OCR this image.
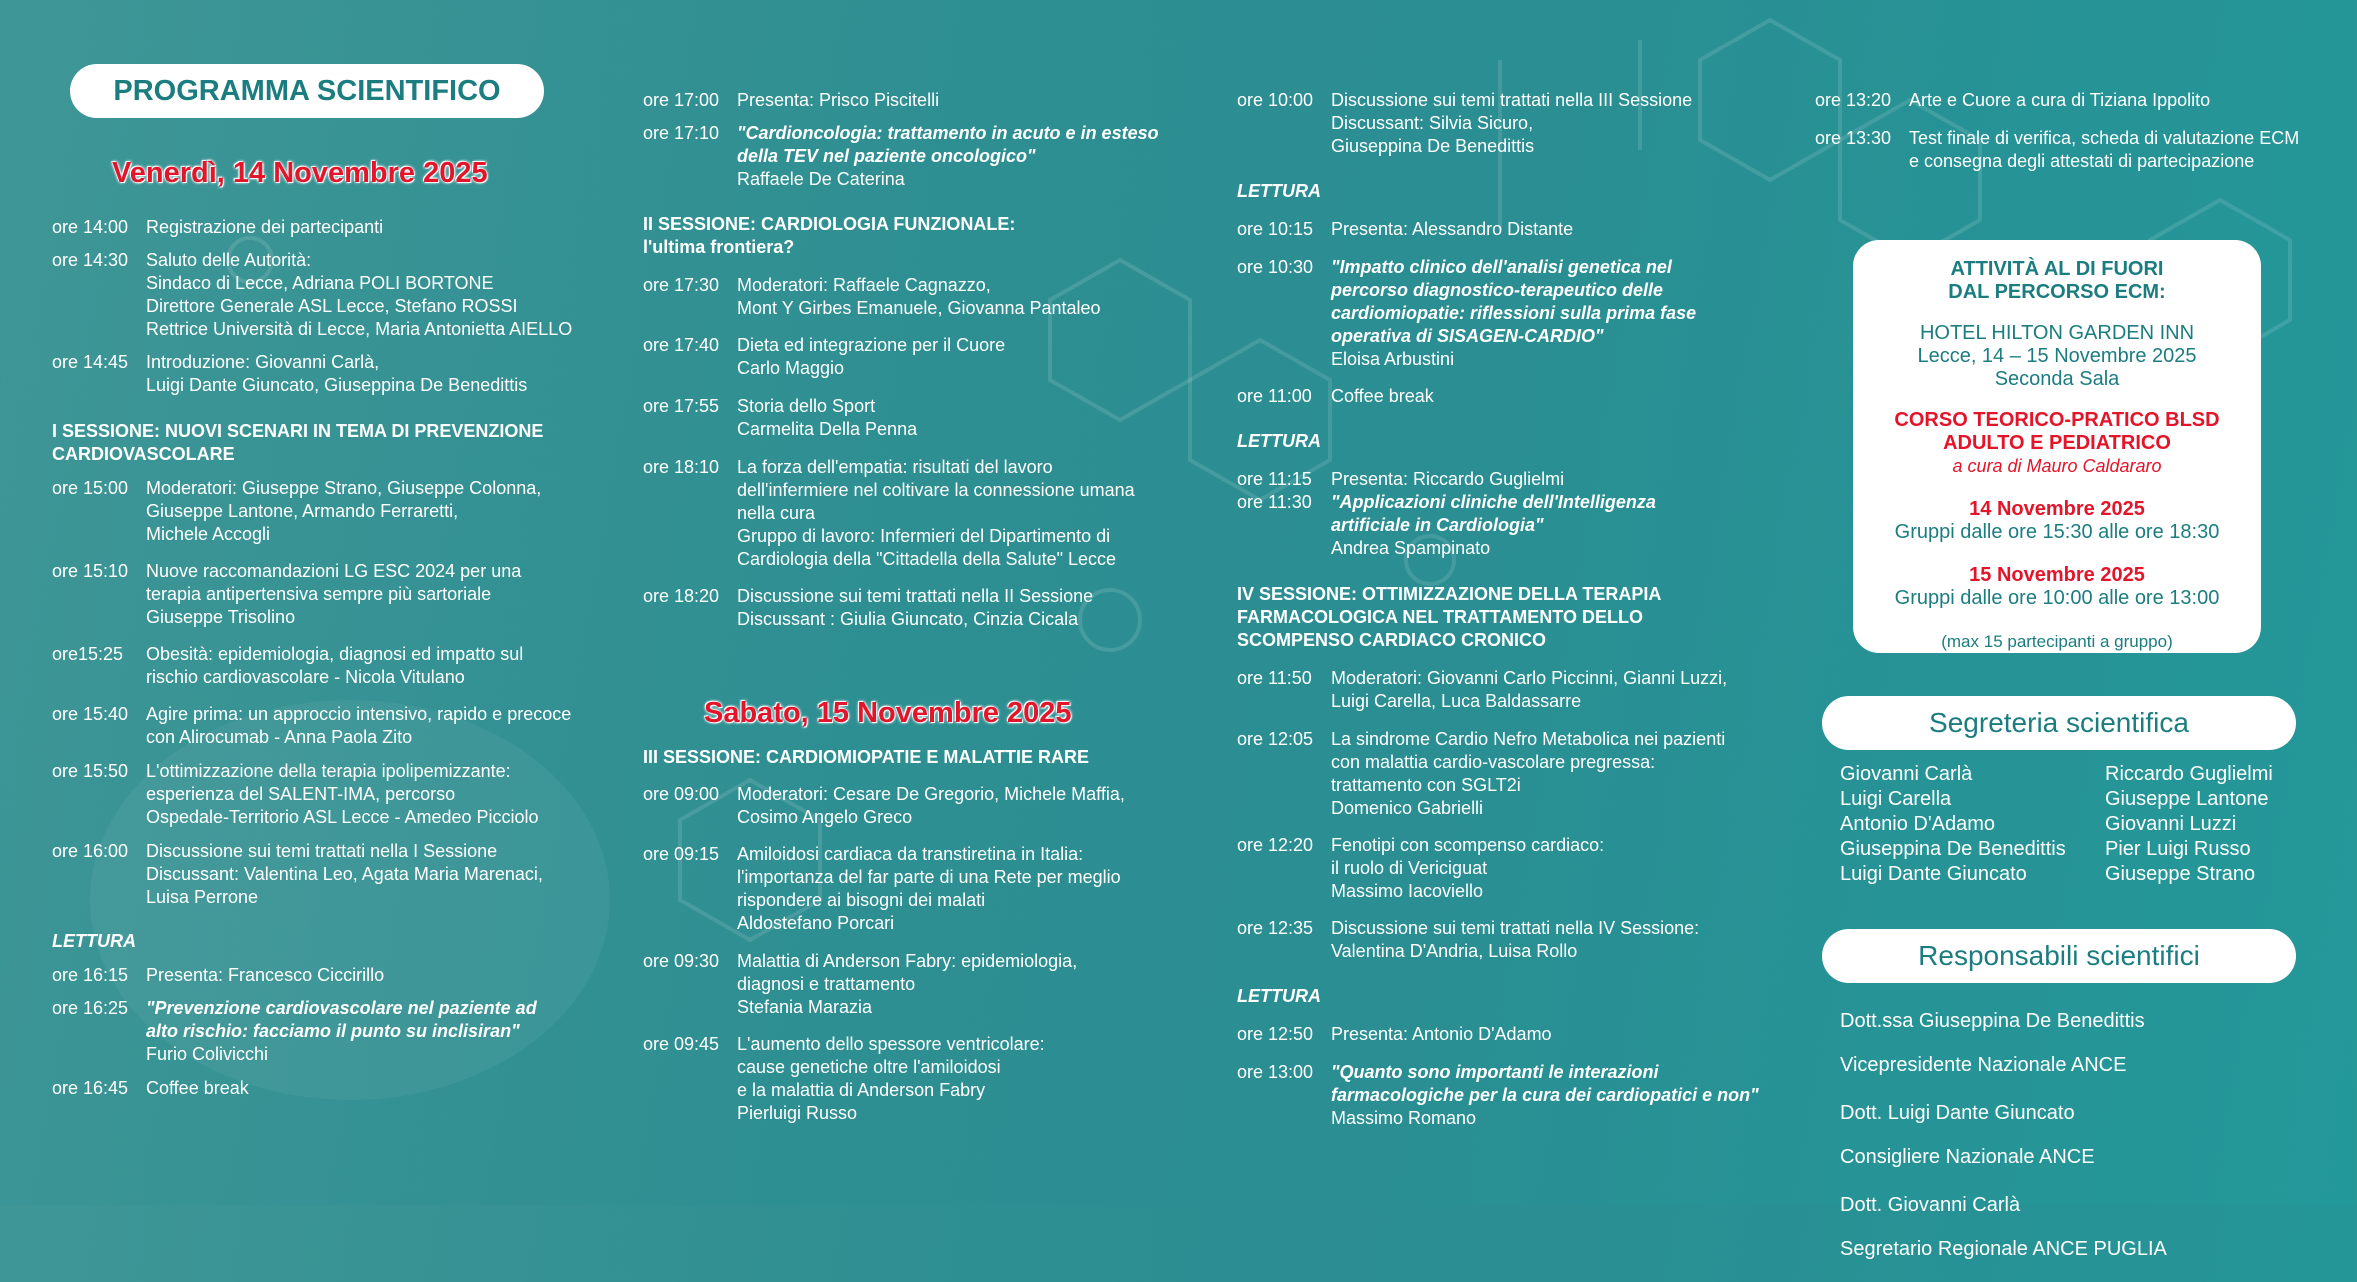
PROGRAMMA SCIENTIFICO
Venerdì, 14 Novembre 2025
ore 14:00 Registrazione dei partecipanti
ore 14:30 Saluto delle Autorità:
Sindaco di Lecce, Adriana POLI BORTONE
Direttore Generale ASL Lecce, Stefano ROSSI
Rettrice Università di Lecce, Maria Antonietta AIELLO
ore 14:45 Introduzione: Giovanni Carlà,
Luigi Dante Giuncato, Giuseppina De Benedittis
I SESSIONE: NUOVI SCENARI IN TEMA DI PREVENZIONE
CARDIOVASCOLARE
ore 15:00 Moderatori: Giuseppe Strano, Giuseppe Colonna,
Giuseppe Lantone, Armando Ferraretti,
Michele Accogli
ore 15:10 Nuove raccomandazioni LG ESC 2024 per una
terapia antipertensiva sempre più sartoriale
Giuseppe Trisolino
ore15:25	Obesità: epidemiologia, diagnosi ed impatto sul
rischio cardiovascolare - Nicola Vitulano
ore 15:40 Agire prima: un approccio intensivo, rapido e precoce
con Alirocumab - Anna Paola Zito
ore 15:50 L'ottimizzazione della terapia ipolipemizzante:
esperienza del SALENT-IMA, percorso
Ospedale-Territorio ASL Lecce - Amedeo Picciolo
ore 16:00 Discussione sui temi trattati nella I Sessione
Discussant: Valentina Leo, Agata Maria Marenaci,
Luisa Perrone
LETTURA
ore 16:15 Presenta: Francesco Ciccirillo
ore 16:25 "Prevenzione cardiovascolare nel paziente ad
alto rischio: facciamo il punto su inclisiran"
Furio Colivicchi
ore 16:45 Coffee break
ore 17:00 Presenta: Prisco Piscitelli
ore 17:10 "Cardioncologia: trattamento in acuto e in esteso
della TEV nel paziente oncologico"
Raffaele De Caterina
II SESSIONE: CARDIOLOGIA FUNZIONALE:
l'ultima frontiera?
ore 17:30 Moderatori: Raffaele Cagnazzo,
Mont Y Girbes Emanuele, Giovanna Pantaleo
ore 17:40 Dieta ed integrazione per il Cuore
Carlo Maggio
ore 17:55 Storia dello Sport
Carmelita Della Penna
ore 18:10 La forza dell'empatia: risultati del lavoro
dell'infermiere nel coltivare la connessione umana
nella cura
Gruppo di lavoro: Infermieri del Dipartimento di
Cardiologia della "Cittadella della Salute" Lecce
ore 18:20 Discussione sui temi trattati nella II Sessione
Discussant : Giulia Giuncato, Cinzia Cicala
Sabato, 15 Novembre 2025
III SESSIONE: CARDIOMIOPATIE E MALATTIE RARE
ore 09:00 Moderatori: Cesare De Gregorio, Michele Maffia,
Cosimo Angelo Greco
ore 09:15 Amiloidosi cardiaca da transtiretina in Italia:
l'importanza del far parte di una Rete per meglio
rispondere ai bisogni dei malati
Aldostefano Porcari
ore 09:30 Malattia di Anderson Fabry: epidemiologia,
diagnosi e trattamento
Stefania Marazia
ore 09:45 L'aumento dello spessore ventricolare:
cause genetiche oltre l'amiloidosi
e la malattia di Anderson Fabry
Pierluigi Russo
ore 10:00 Discussione sui temi trattati nella III Sessione
Discussant: Silvia Sicuro,
Giuseppina De Benedittis
LETTURA
ore 10:15 Presenta: Alessandro Distante
ore 10:30 "Impatto clinico dell'analisi genetica nel
percorso diagnostico-terapeutico delle
cardiomiopatie: riflessioni sulla prima fase
operativa di SISAGEN-CARDIO"
Eloisa Arbustini
ore 11:00	Coffee break
LETTURA
ore 11:15	Presenta: Riccardo Guglielmi
ore 11:30	"Applicazioni cliniche dell'Intelligenza
artificiale in Cardiologia"
Andrea Spampinato
IV SESSIONE: OTTIMIZZAZIONE DELLA TERAPIA
FARMACOLOGICA NEL TRATTAMENTO DELLO
SCOMPENSO CARDIACO CRONICO
ore 11:50	Moderatori: Giovanni Carlo Piccinni, Gianni Luzzi,
Luigi Carella, Luca Baldassarre
ore 12:05 La sindrome Cardio Nefro Metabolica nei pazienti
con malattia cardio-vascolare pregressa:
trattamento con SGLT2i
Domenico Gabrielli
ore 12:20 Fenotipi con scompenso cardiaco:
il ruolo di Vericiguat
Massimo Iacoviello
ore 12:35 Discussione sui temi trattati nella IV Sessione:
Valentina D'Andria, Luisa Rollo
LETTURA
ore 12:50 Presenta: Antonio D'Adamo
ore 13:00 "Quanto sono importanti le interazioni
farmacologiche per la cura dei cardiopatici e non"
Massimo Romano
ore 13:20 Arte e Cuore a cura di Tiziana Ippolito
ore 13:30 Test finale di verifica, scheda di valutazione ECM
e consegna degli attestati di partecipazione
ATTIVITÀ AL DI FUORI
DAL PERCORSO ECM:
HOTEL HILTON GARDEN INN
Lecce, 14 – 15 Novembre 2025
Seconda Sala
CORSO TEORICO-PRATICO BLSD
ADULTO E PEDIATRICO
a cura di Mauro Caldararo
14 Novembre 2025
Gruppi dalle ore 15:30 alle ore 18:30
15 Novembre 2025
Gruppi dalle ore 10:00 alle ore 13:00
(max 15 partecipanti a gruppo)
Segreteria scientifica
Giovanni Carlà
Luigi Carella
Antonio D'Adamo
Giuseppina De Benedittis
Luigi Dante Giuncato
Riccardo Guglielmi
Giuseppe Lantone
Giovanni Luzzi
Pier Luigi Russo
Giuseppe Strano
Responsabili scientifici

Dott.ssa Giuseppina De Benedittis

Vicepresidente Nazionale ANCE

Dott. Luigi Dante Giuncato

Consigliere Nazionale ANCE

Dott. Giovanni Carlà

Segretario Regionale ANCE PUGLIA
